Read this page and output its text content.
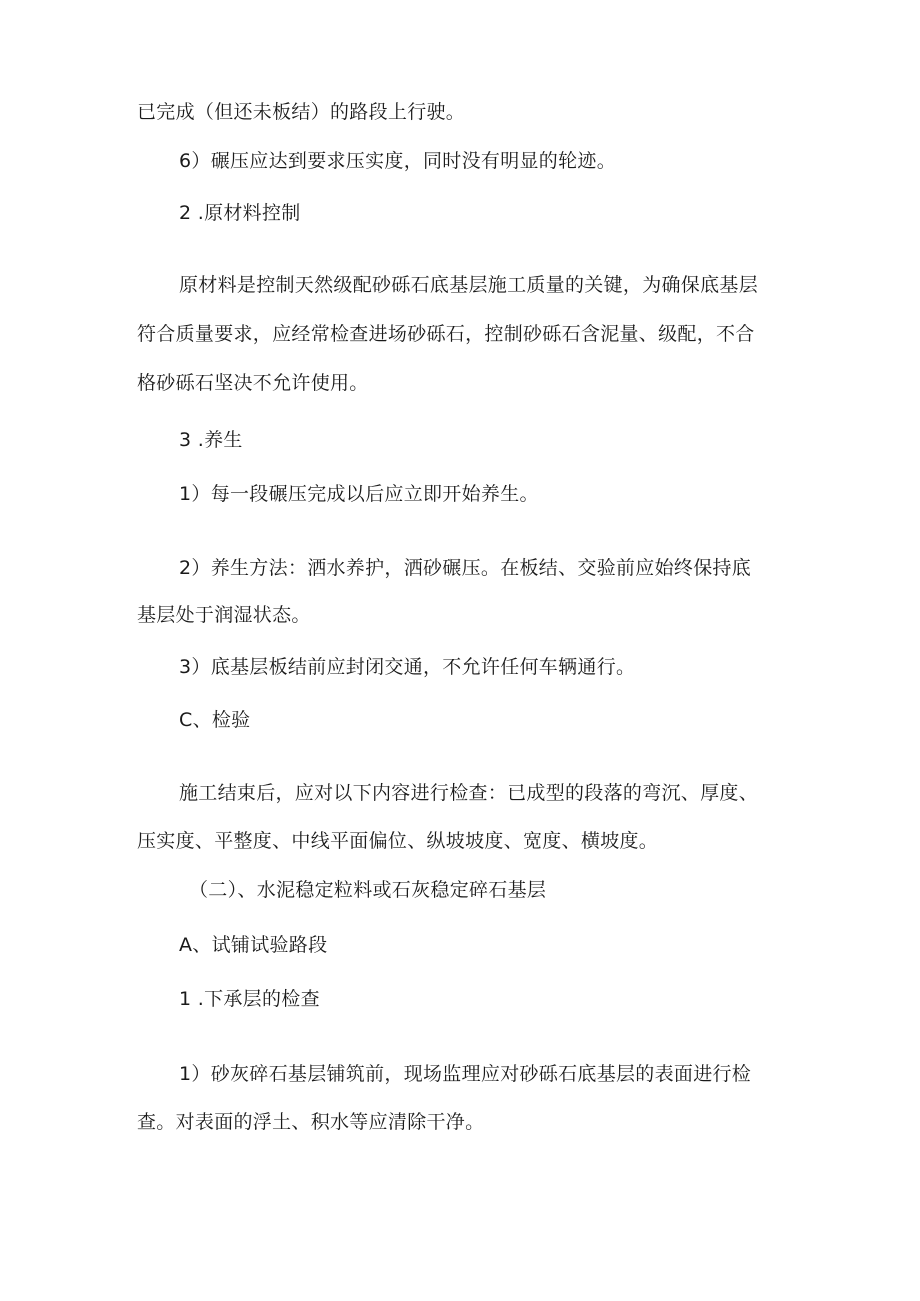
已完成（但还未板结）的路段上行驶。
6）碾压应达到要求压实度，同时没有明显的轮迹。
2 .原材料控制
原材料是控制天然级配砂砾石底基层施工质量的关键，为确保底基层
符合质量要求，应经常检查进场砂砾石，控制砂砾石含泥量、级配，不合
格砂砾石坚决不允许使用。
3 .养生
1）每一段碾压完成以后应立即开始养生。
2）养生方法：洒水养护，洒砂碾压。在板结、交验前应始终保持底
基层处于润湿状态。
3）底基层板结前应封闭交通，不允许任何车辆通行。
C、检验
施工结束后，应对以下内容进行检查：已成型的段落的弯沉、厚度、
压实度、平整度、中线平面偏位、纵坡坡度、宽度、横坡度。
（二）、水泥稳定粒料或石灰稳定碎石基层
A、试铺试验路段
1 .下承层的检查
1）砂灰碎石基层铺筑前，现场监理应对砂砾石底基层的表面进行检
查。对表面的浮土、积水等应清除干净。
